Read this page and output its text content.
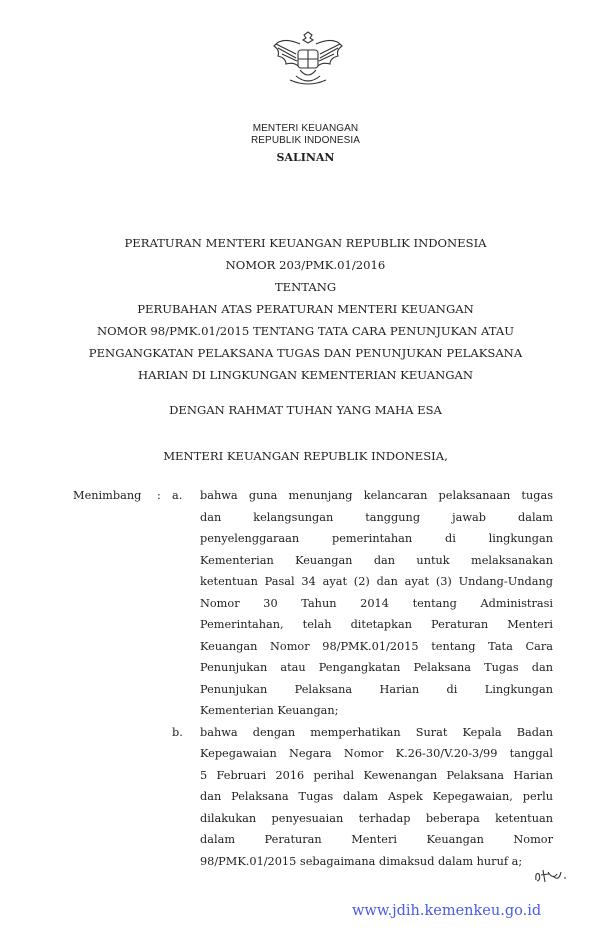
MENTERI KEUANGAN
REPUBLIK INDONESIA
SALINAN
PERATURAN MENTERI KEUANGAN REPUBLIK INDONESIA
NOMOR 203/PMK.01/2016
TENTANG
PERUBAHAN ATAS PERATURAN MENTERI KEUANGAN
NOMOR 98/PMK.01/2015 TENTANG TATA CARA PENUNJUKAN ATAU
PENGANGKATAN PELAKSANA TUGAS DAN PENUNJUKAN PELAKSANA
HARIAN DI LINGKUNGAN KEMENTERIAN KEUANGAN
DENGAN RAHMAT TUHAN YANG MAHA ESA
MENTERI KEUANGAN REPUBLIK INDONESIA,
Menimbang : a.
b.
bahwa guna menunjang kelancaran pelaksanaan tugas
dan kelangsungan tanggung jawab dalam
penyelenggaraan pemerintahan di lingkungan
Kementerian Keuangan dan untuk melaksanakan
ketentuan Pasal 34 ayat (2) dan ayat (3) Undang-Undang
Nomor 30 Tahun 2014 tentang Administrasi
Pemerintahan, telah ditetapkan Peraturan Menteri
Keuangan Nomor 98/PMK.01/2015 tentang Tata Cara
Penunjukan atau Pengangkatan Pelaksana Tugas dan
Penunjukan Pelaksana Harian di Lingkungan
Kementerian Keuangan;
bahwa dengan memperhatikan Surat Kepala Badan
Kepegawaian Negara Nomor K.26-30/V.20-3/99 tanggal
5 Februari 2016 perihal Kewenangan Pelaksana Harian
dan Pelaksana Tugas dalam Aspek Kepegawaian, perlu
dilakukan penyesuaian terhadap beberapa ketentuan
dalam Peraturan Menteri Keuangan Nomor
98/PMK.01/2015 sebagaimana dimaksud dalam huruf a;
www.jdih.kemenkeu.go.id
